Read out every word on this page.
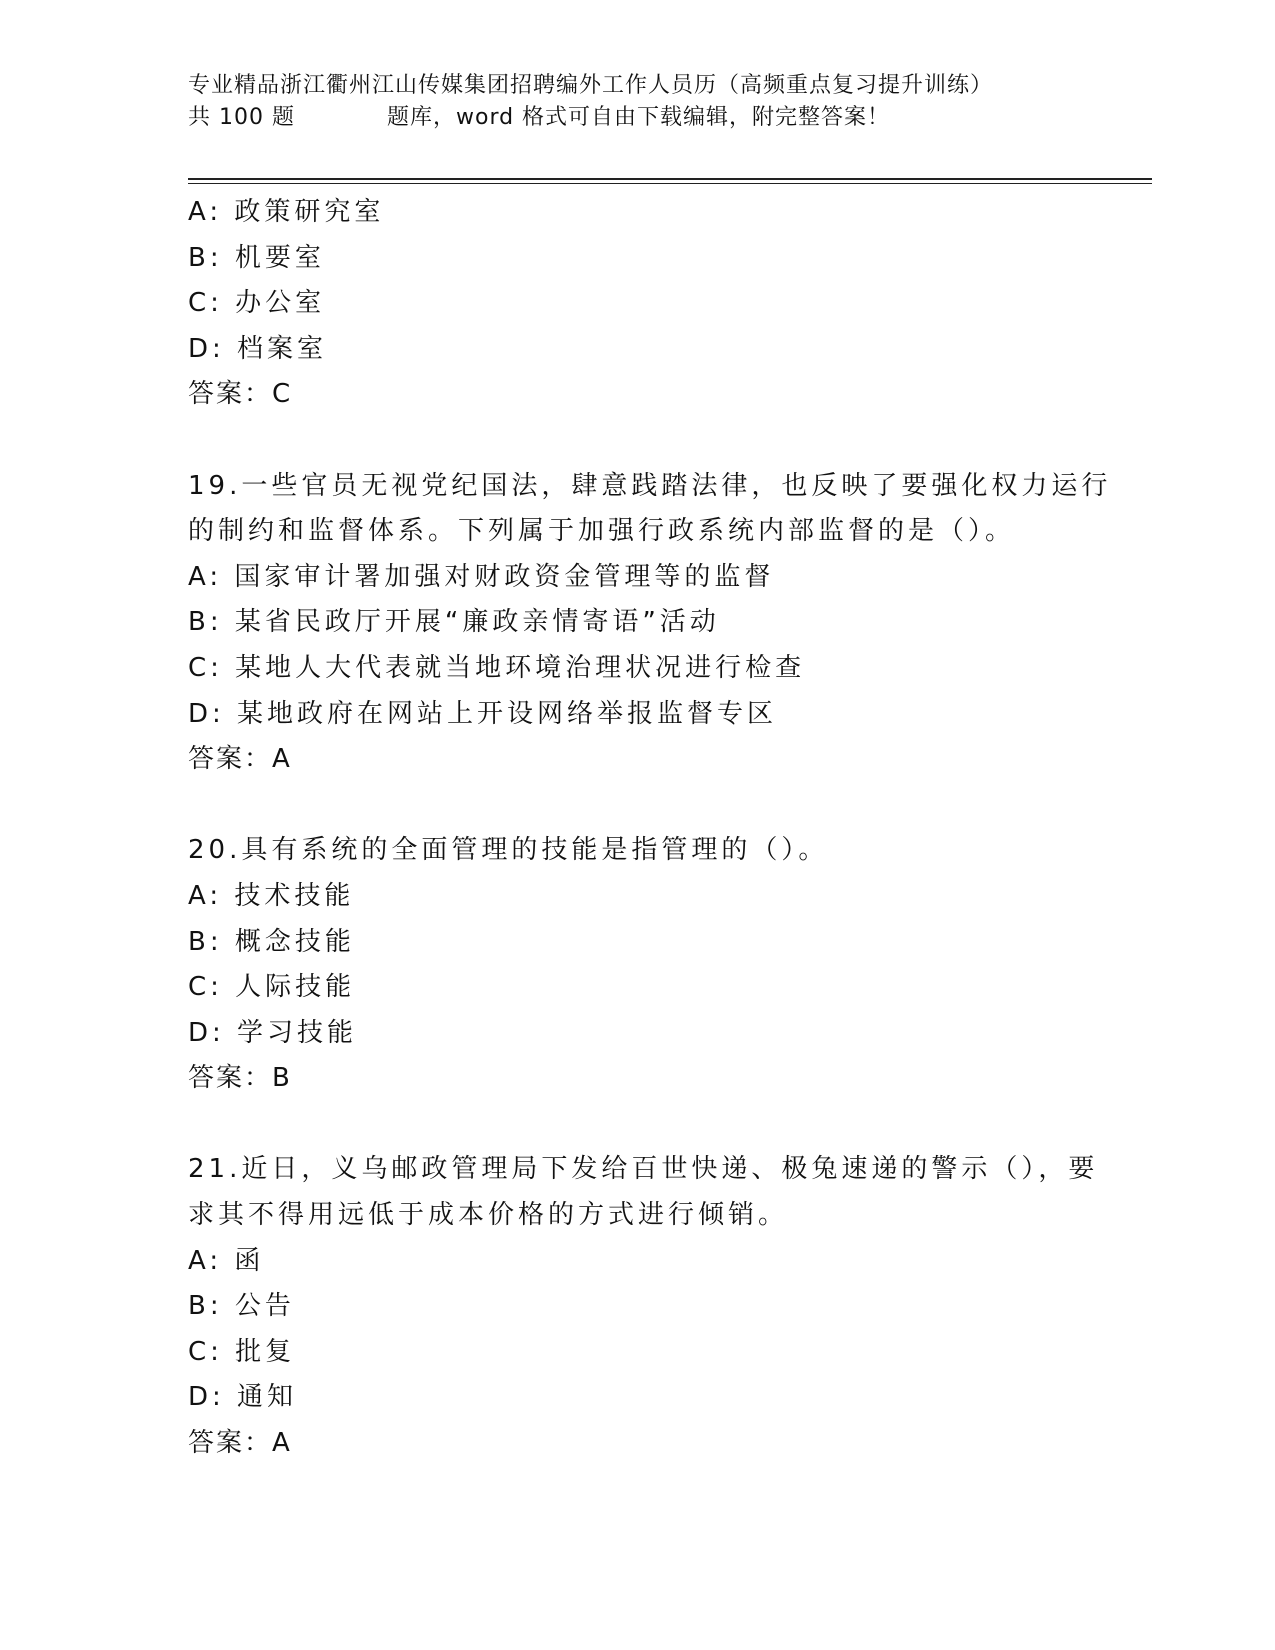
专业精品浙江衢州江山传媒集团招聘编外工作人员历（高频重点复习提升训练）
共 100 题	题库，word 格式可自由下载编辑，附完整答案！
A: 政策研究室
B: 机要室
C: 办公室
D: 档案室
答案：C
19.一些官员无视党纪国法，肆意践踏法律，也反映了要强化权力运行
的制约和监督体系。下列属于加强行政系统内部监督的是（）。
A: 国家审计署加强对财政资金管理等的监督
B: 某省民政厅开展“廉政亲情寄语”活动
C: 某地人大代表就当地环境治理状况进行检查
D: 某地政府在网站上开设网络举报监督专区
答案：A
20.具有系统的全面管理的技能是指管理的（）。
A: 技术技能
B: 概念技能
C: 人际技能
D: 学习技能
答案：B
21.近日，义乌邮政管理局下发给百世快递、极兔速递的警示（），要
求其不得用远低于成本价格的方式进行倾销。
A: 函
B: 公告
C: 批复
D: 通知
答案：A
